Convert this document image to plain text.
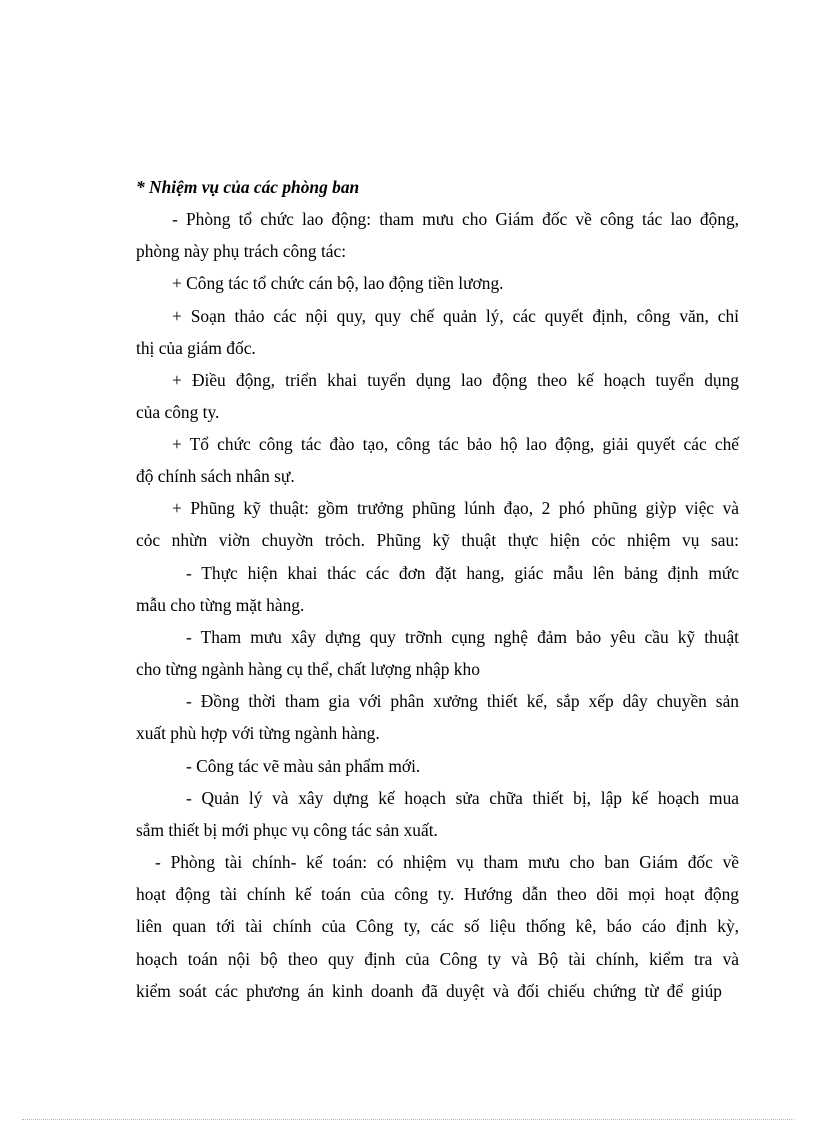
* Nhiệm vụ của các phòng ban
- Phòng tổ chức lao động: tham mưu cho Giám đốc về công tác lao động,
phòng này phụ trách công tác:
+ Công tác tổ chức cán bộ, lao động tiền lương.
+ Soạn thảo các nội quy, quy chế quản lý, các quyết định, công văn, chỉ
thị của giám đốc.
+ Điều động, triển khai tuyển dụng lao động theo kế hoạch tuyển dụng
của công ty.
+ Tổ chức công tác đào tạo, công tác bảo hộ lao động, giải quyết các chế
độ chính sách nhân sự.
+ Phũng kỹ thuật: gồm trưởng phũng lúnh đạo, 2 phó phũng giỳp việc và
cỏc nhừn viờn chuyờn trỏch. Phũng kỹ thuật thực hiện cỏc nhiệm vụ sau:
- Thực hiện khai thác các đơn đặt hang, giác mẫu lên bảng định mức
mẫu cho từng mặt hàng.
- Tham mưu xây dựng quy trỡnh cụng nghệ đảm bảo yêu cầu kỹ thuật
cho từng ngành hàng cụ thể, chất lượng nhập kho
- Đồng thời tham gia với phân xưởng thiết kế, sắp xếp dây chuyền sản
xuất phù hợp với từng ngành hàng.
- Công tác vẽ màu sản phẩm mới.
- Quản lý và xây dựng kế hoạch sửa chữa thiết bị, lập kế hoạch mua
sắm thiết bị mới phục vụ công tác sản xuất.
- Phòng tài chính- kế toán: có nhiệm vụ tham mưu cho ban Giám đốc về
hoạt động tài chính kế toán của công ty. Hướng dẫn theo dõi mọi hoạt động
liên quan tới tài chính của Công ty, các số liệu thống kê, báo cáo định kỳ,
hoạch toán nội bộ theo quy định của Công ty và Bộ tài chính, kiểm tra và
kiểm soát các phương án kinh doanh đã duyệt và đối chiếu chứng từ để giúp
